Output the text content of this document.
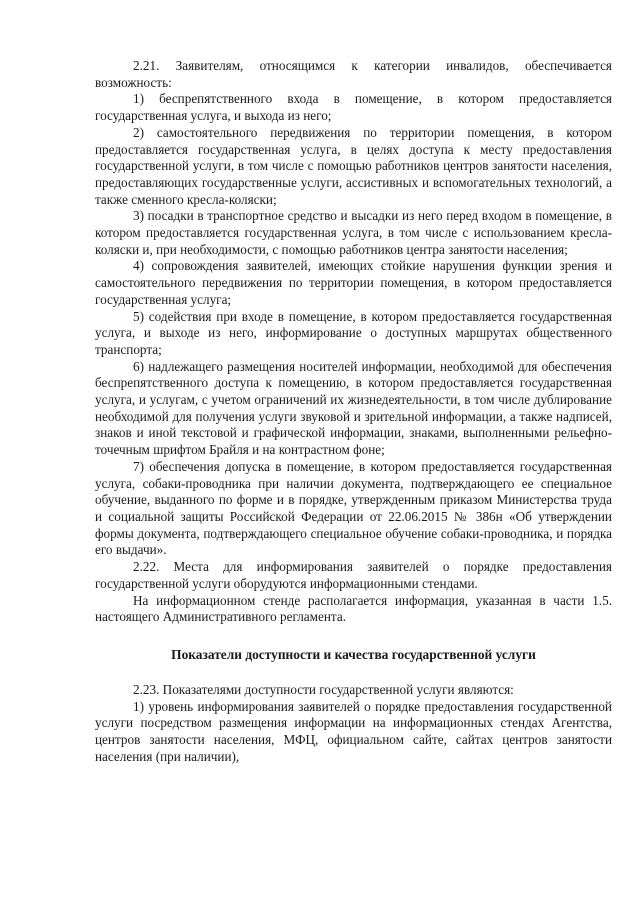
2.21. Заявителям, относящимся к категории инвалидов, обеспечивается возможность:

1) беспрепятственного входа в помещение, в котором предоставляется государственная услуга, и выхода из него;

2) самостоятельного передвижения по территории помещения, в котором предоставляется государственная услуга, в целях доступа к месту предоставления государственной услуги, в том числе с помощью работников центров занятости населения, предоставляющих государственные услуги, ассистивных и вспомогательных технологий, а также сменного кресла-коляски;

3) посадки в транспортное средство и высадки из него перед входом в помещение, в котором предоставляется государственная услуга, в том числе с использованием кресла-коляски и, при необходимости, с помощью работников центра занятости населения;

4) сопровождения заявителей, имеющих стойкие нарушения функции зрения и самостоятельного передвижения по территории помещения, в котором предоставляется государственная услуга;

5) содействия при входе в помещение, в котором предоставляется государственная услуга, и выходе из него, информирование о доступных маршрутах общественного транспорта;

6) надлежащего размещения носителей информации, необходимой для обеспечения беспрепятственного доступа к помещению, в котором предоставляется государственная услуга, и услугам, с учетом ограничений их жизнедеятельности, в том числе дублирование необходимой для получения услуги звуковой и зрительной информации, а также надписей, знаков и иной текстовой и графической информации, знаками, выполненными рельефно-точечным шрифтом Брайля и на контрастном фоне;

7) обеспечения допуска в помещение, в котором предоставляется государственная услуга, собаки-проводника при наличии документа, подтверждающего ее специальное обучение, выданного по форме и в порядке, утвержденным приказом Министерства труда и социальной защиты Российской Федерации от 22.06.2015 № 386н «Об утверждении формы документа, подтверждающего специальное обучение собаки-проводника, и порядка его выдачи».

2.22. Места для информирования заявителей о порядке предоставления государственной услуги оборудуются информационными стендами.

На информационном стенде располагается информация, указанная в части 1.5. настоящего Административного регламента.

Показатели доступности и качества государственной услуги

2.23. Показателями доступности государственной услуги являются:

1) уровень информирования заявителей о порядке предоставления государственной услуги посредством размещения информации на информационных стендах Агентства, центров занятости населения, МФЦ, официальном сайте, сайтах центров занятости населения (при наличии),
